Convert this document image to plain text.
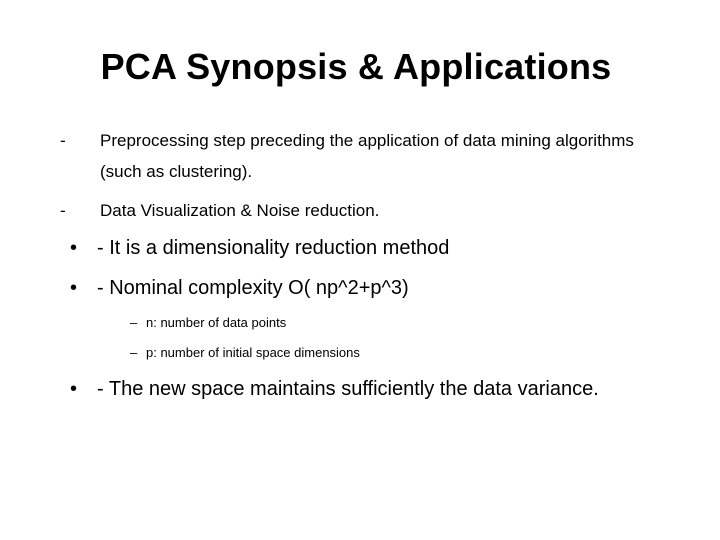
PCA Synopsis & Applications
- Preprocessing step preceding the application of data mining algorithms (such as clustering).
- Data Visualization & Noise reduction.
• - It is a dimensionality reduction method
• - Nominal complexity O( np^2+p^3)
– n: number of data points
– p: number of initial space dimensions
• - The new space maintains sufficiently the data variance.
